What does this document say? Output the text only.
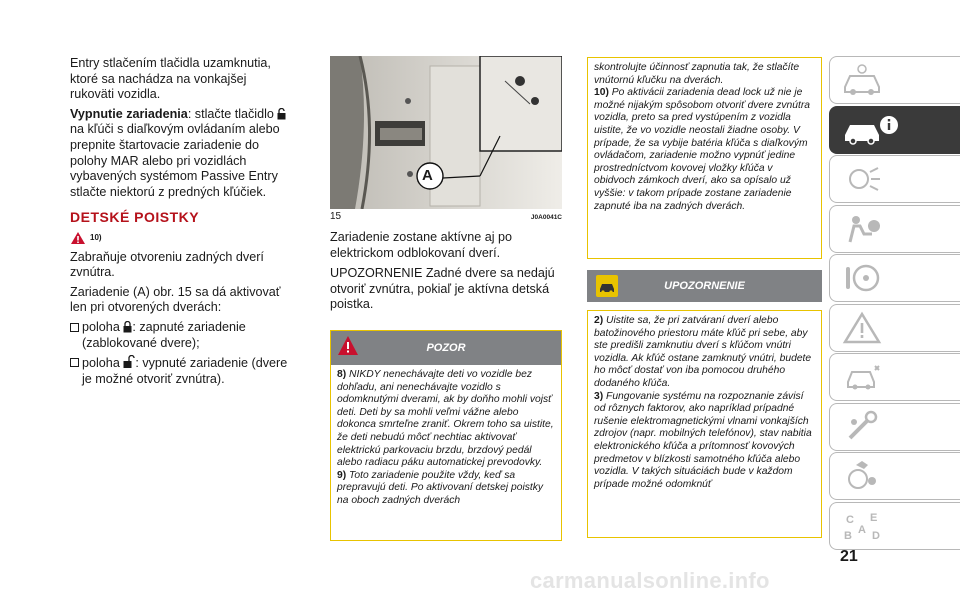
Entry stlačením tlačidla uzamknutia, ktoré sa nachádza na vonkajšej rukoväti vozidla.

Vypnutie zariadenia: stlačte tlačidlo  na kľúči s diaľkovým ovládaním alebo prepnite štartovacie zariadenie do polohy MAR alebo pri vozidlách vybavených systémom Passive Entry stlačte niektorú z predných kľúčiek.

DETSKÉ POISTKY
10)

Zabraňuje otvoreniu zadných dverí zvnútra.

Zariadenie (A) obr. 15 sa dá aktivovať len pri otvorených dverách:

poloha : zapnuté zariadenie (zablokované dvere);

poloha : vypnuté zariadenie (dvere je možné otvoriť zvnútra).

A
15	J0A0041C

Zariadenie zostane aktívne aj po elektrickom odblokovaní dverí.

UPOZORNENIE Zadné dvere sa nedajú otvoriť zvnútra, pokiaľ je aktívna detská poistka.

POZOR
8) NIKDY nenechávajte deti vo vozidle bez dohľadu, ani nenechávajte vozidlo s odomknutými dverami, ak by doňho mohli vojsť deti. Deti by sa mohli veľmi vážne alebo dokonca smrteľne zraniť. Okrem toho sa uistite, že deti nebudú môcť nechtiac aktivovať elektrickú parkovaciu brzdu, brzdový pedál alebo radiacu páku automatickej prevodovky.
9) Toto zariadenie použite vždy, keď sa prepravujú deti. Po aktivovaní detskej poistky na oboch zadných dverách
skontrolujte účinnosť zapnutia tak, že stlačíte vnútornú kľučku na dverách.
10) Po aktivácii zariadenia dead lock už nie je možné nijakým spôsobom otvoriť dvere zvnútra vozidla, preto sa pred vystúpením z vozidla uistite, že vo vozidle neostali žiadne osoby. V prípade, že sa vybije batéria kľúča s diaľkovým ovládačom, zariadenie možno vypnúť jedine prostredníctvom kovovej vložky kľúča v obidvoch zámkoch dverí, ako sa opísalo už vyššie: v takom prípade zostane zariadenie zapnuté iba na zadných dverách.
UPOZORNENIE
2) Uistite sa, že pri zatváraní dverí alebo batožinového priestoru máte kľúč pri sebe, aby ste predišli zamknutiu dverí s kľúčom vnútri vozidla. Ak kľúč ostane zamknutý vnútri, budete ho môcť dostať von iba pomocou druhého dodaného kľúča.
3) Fungovanie systému na rozpoznanie závisí od rôznych faktorov, ako napríklad prípadné rušenie elektromagnetickými vlnami vonkajších zdrojov (napr. mobilných telefónov), stav nabitia elektronického kľúča a prítomnosť kovových predmetov v blízkosti samotného kľúča alebo vozidla. V takých situáciách bude v každom prípade možné odomknúť
B
C
A
E
D
21
carmanualsonline.info
